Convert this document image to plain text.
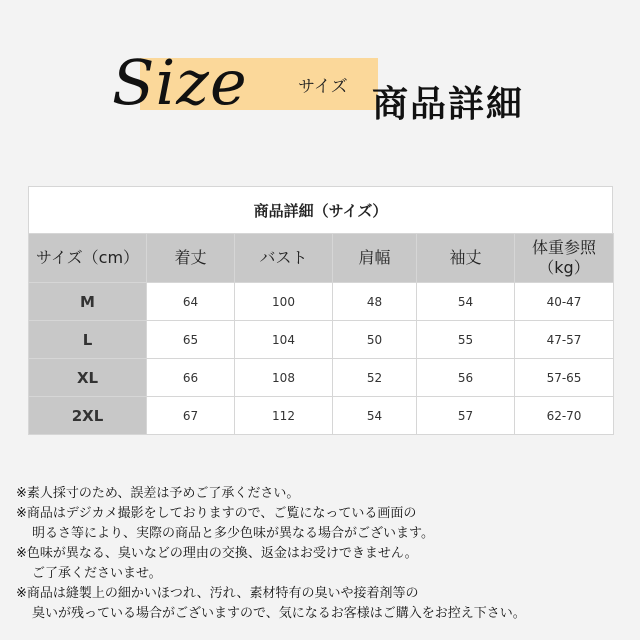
Size	サイズ 商品詳細
商品詳細（サイズ）
サイズ（cm）	着丈	バスト	肩幅	袖丈	体重参照
（kg）
M	64	100	48	54	40-47
L	65	104	50	55	47-57
XL	66	108	52	56	57-65
2XL	67	112	54	57	62-70

※素人採寸のため、誤差は予めご了承ください。

※商品はデジカメ撮影をしておりますので、ご覧になっている画面の

明るさ等により、実際の商品と多少色味が異なる場合がございます。

※色味が異なる、臭いなどの理由の交換、返金はお受けできません。

ご了承くださいませ。

※商品は縫製上の細かいほつれ、汚れ、素材特有の臭いや接着剤等の

臭いが残っている場合がございますので、気になるお客様はご購入をお控え下さい。
